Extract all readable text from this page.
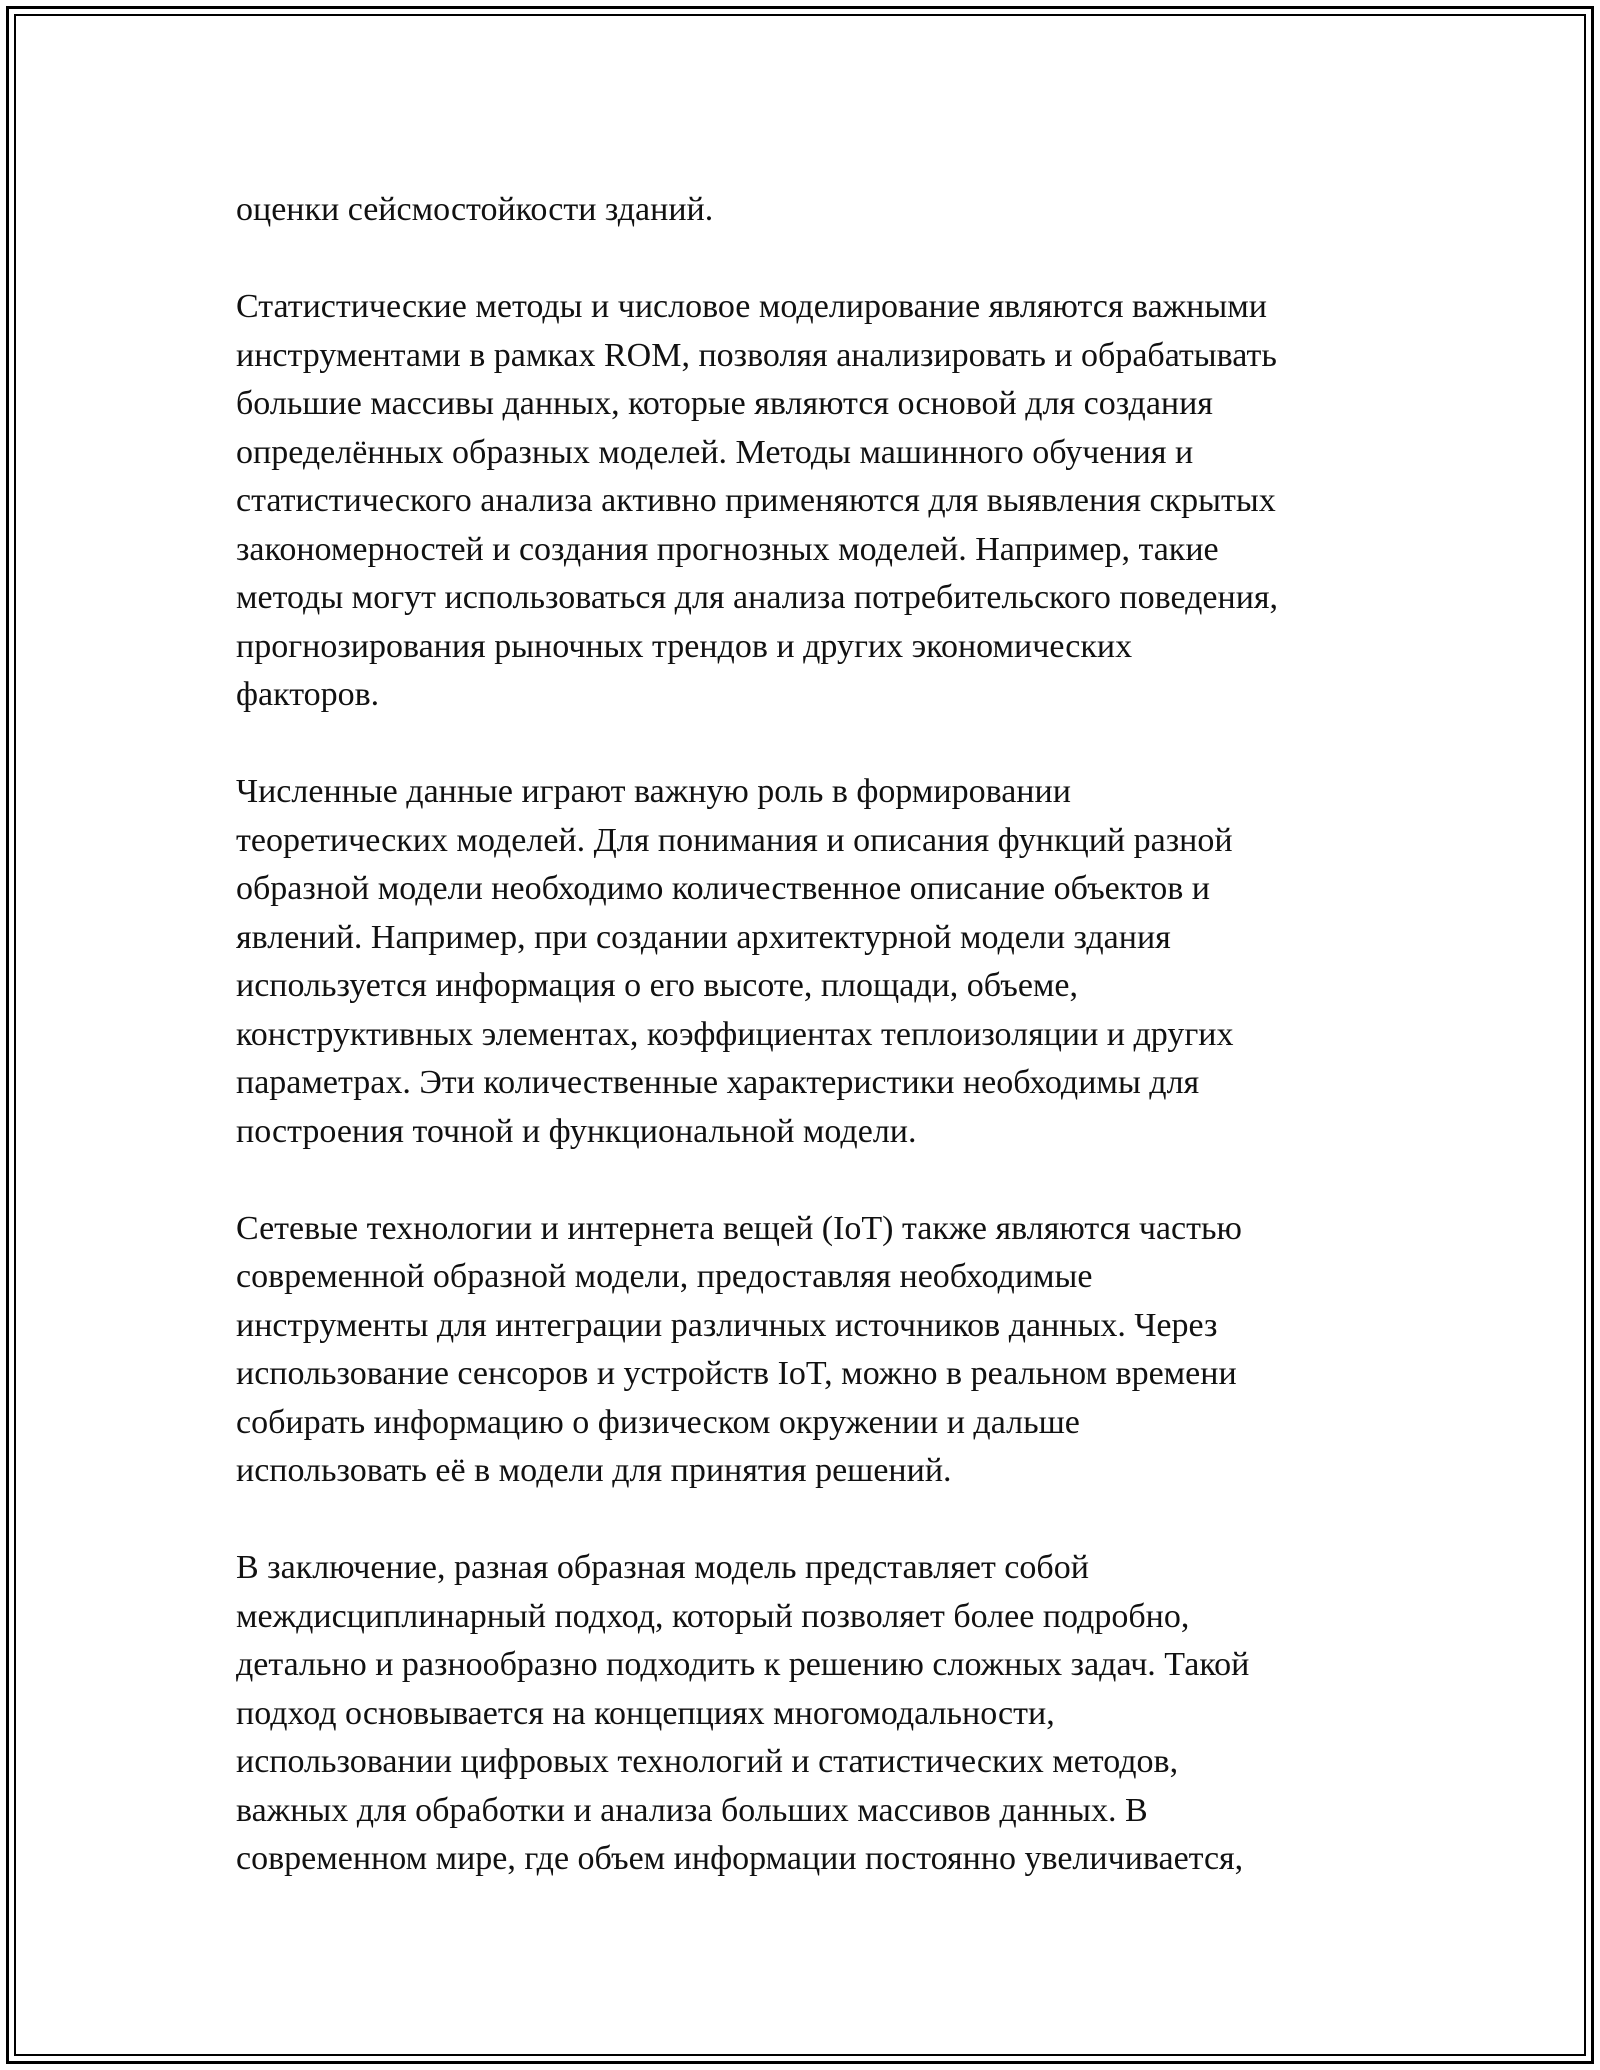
оценки сейсмостойкости зданий.
Статистические методы и числовое моделирование являются важными
инструментами в рамках ROM, позволяя анализировать и обрабатывать
большие массивы данных, которые являются основой для создания
определённых образных моделей. Методы машинного обучения и
статистического анализа активно применяются для выявления скрытых
закономерностей и создания прогнозных моделей. Например, такие
методы могут использоваться для анализа потребительского поведения,
прогнозирования рыночных трендов и других экономических
факторов.
Численные данные играют важную роль в формировании
теоретических моделей. Для понимания и описания функций разной
образной модели необходимо количественное описание объектов и
явлений. Например, при создании архитектурной модели здания
используется информация о его высоте, площади, объеме,
конструктивных элементах, коэффициентах теплоизоляции и других
параметрах. Эти количественные характеристики необходимы для
построения точной и функциональной модели.
Сетевые технологии и интернета вещей (IoT) также являются частью
современной образной модели, предоставляя необходимые
инструменты для интеграции различных источников данных. Через
использование сенсоров и устройств IoT, можно в реальном времени
собирать информацию о физическом окружении и дальше
использовать её в модели для принятия решений.
В заключение, разная образная модель представляет собой
междисциплинарный подход, который позволяет более подробно,
детально и разнообразно подходить к решению сложных задач. Такой
подход основывается на концепциях многомодальности,
использовании цифровых технологий и статистических методов,
важных для обработки и анализа больших массивов данных. В
современном мире, где объем информации постоянно увеличивается,
